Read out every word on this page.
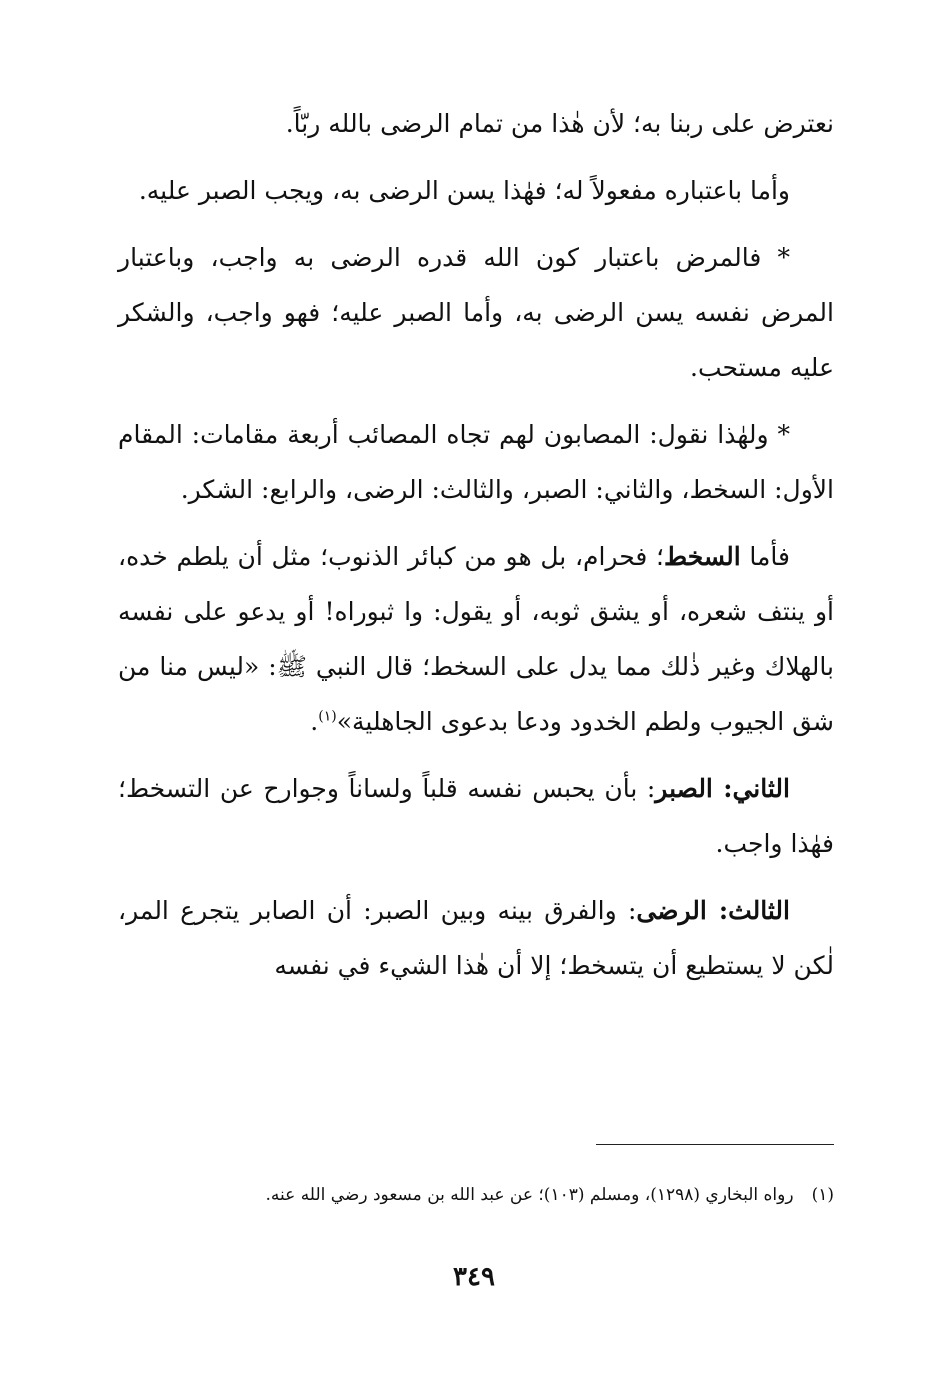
نعترض على ربنا به؛ لأن هٰذا من تمام الرضى بالله ربّاً.

وأما باعتباره مفعولاً له؛ فهٰذا يسن الرضى به، ويجب الصبر عليه.

* فالمرض باعتبار كون الله قدره الرضى به واجب، وباعتبار المرض نفسه يسن الرضى به، وأما الصبر عليه؛ فهو واجب، والشكر عليه مستحب.

* ولهٰذا نقول: المصابون لهم تجاه المصائب أربعة مقامات: المقام الأول: السخط، والثاني: الصبر، والثالث: الرضى، والرابع: الشكر.

فأما السخط؛ فحرام، بل هو من كبائر الذنوب؛ مثل أن يلطم خده، أو ينتف شعره، أو يشق ثوبه، أو يقول: وا ثبوراه! أو يدعو على نفسه بالهلاك وغير ذٰلك مما يدل على السخط؛ قال النبي ﷺ: «ليس منا من شق الجيوب ولطم الخدود ودعا بدعوى الجاهلية»$^{(١)}$.

الثاني: الصبر: بأن يحبس نفسه قلباً ولساناً وجوارح عن التسخط؛ فهٰذا واجب.

الثالث: الرضى: والفرق بينه وبين الصبر: أن الصابر يتجرع المر، لٰكن لا يستطيع أن يتسخط؛ إلا أن هٰذا الشيء في نفسه

(١)رواه البخاري (١٢٩٨)، ومسلم (١٠٣)؛ عن عبد الله بن مسعود رضي الله عنه.
٣٤٩
